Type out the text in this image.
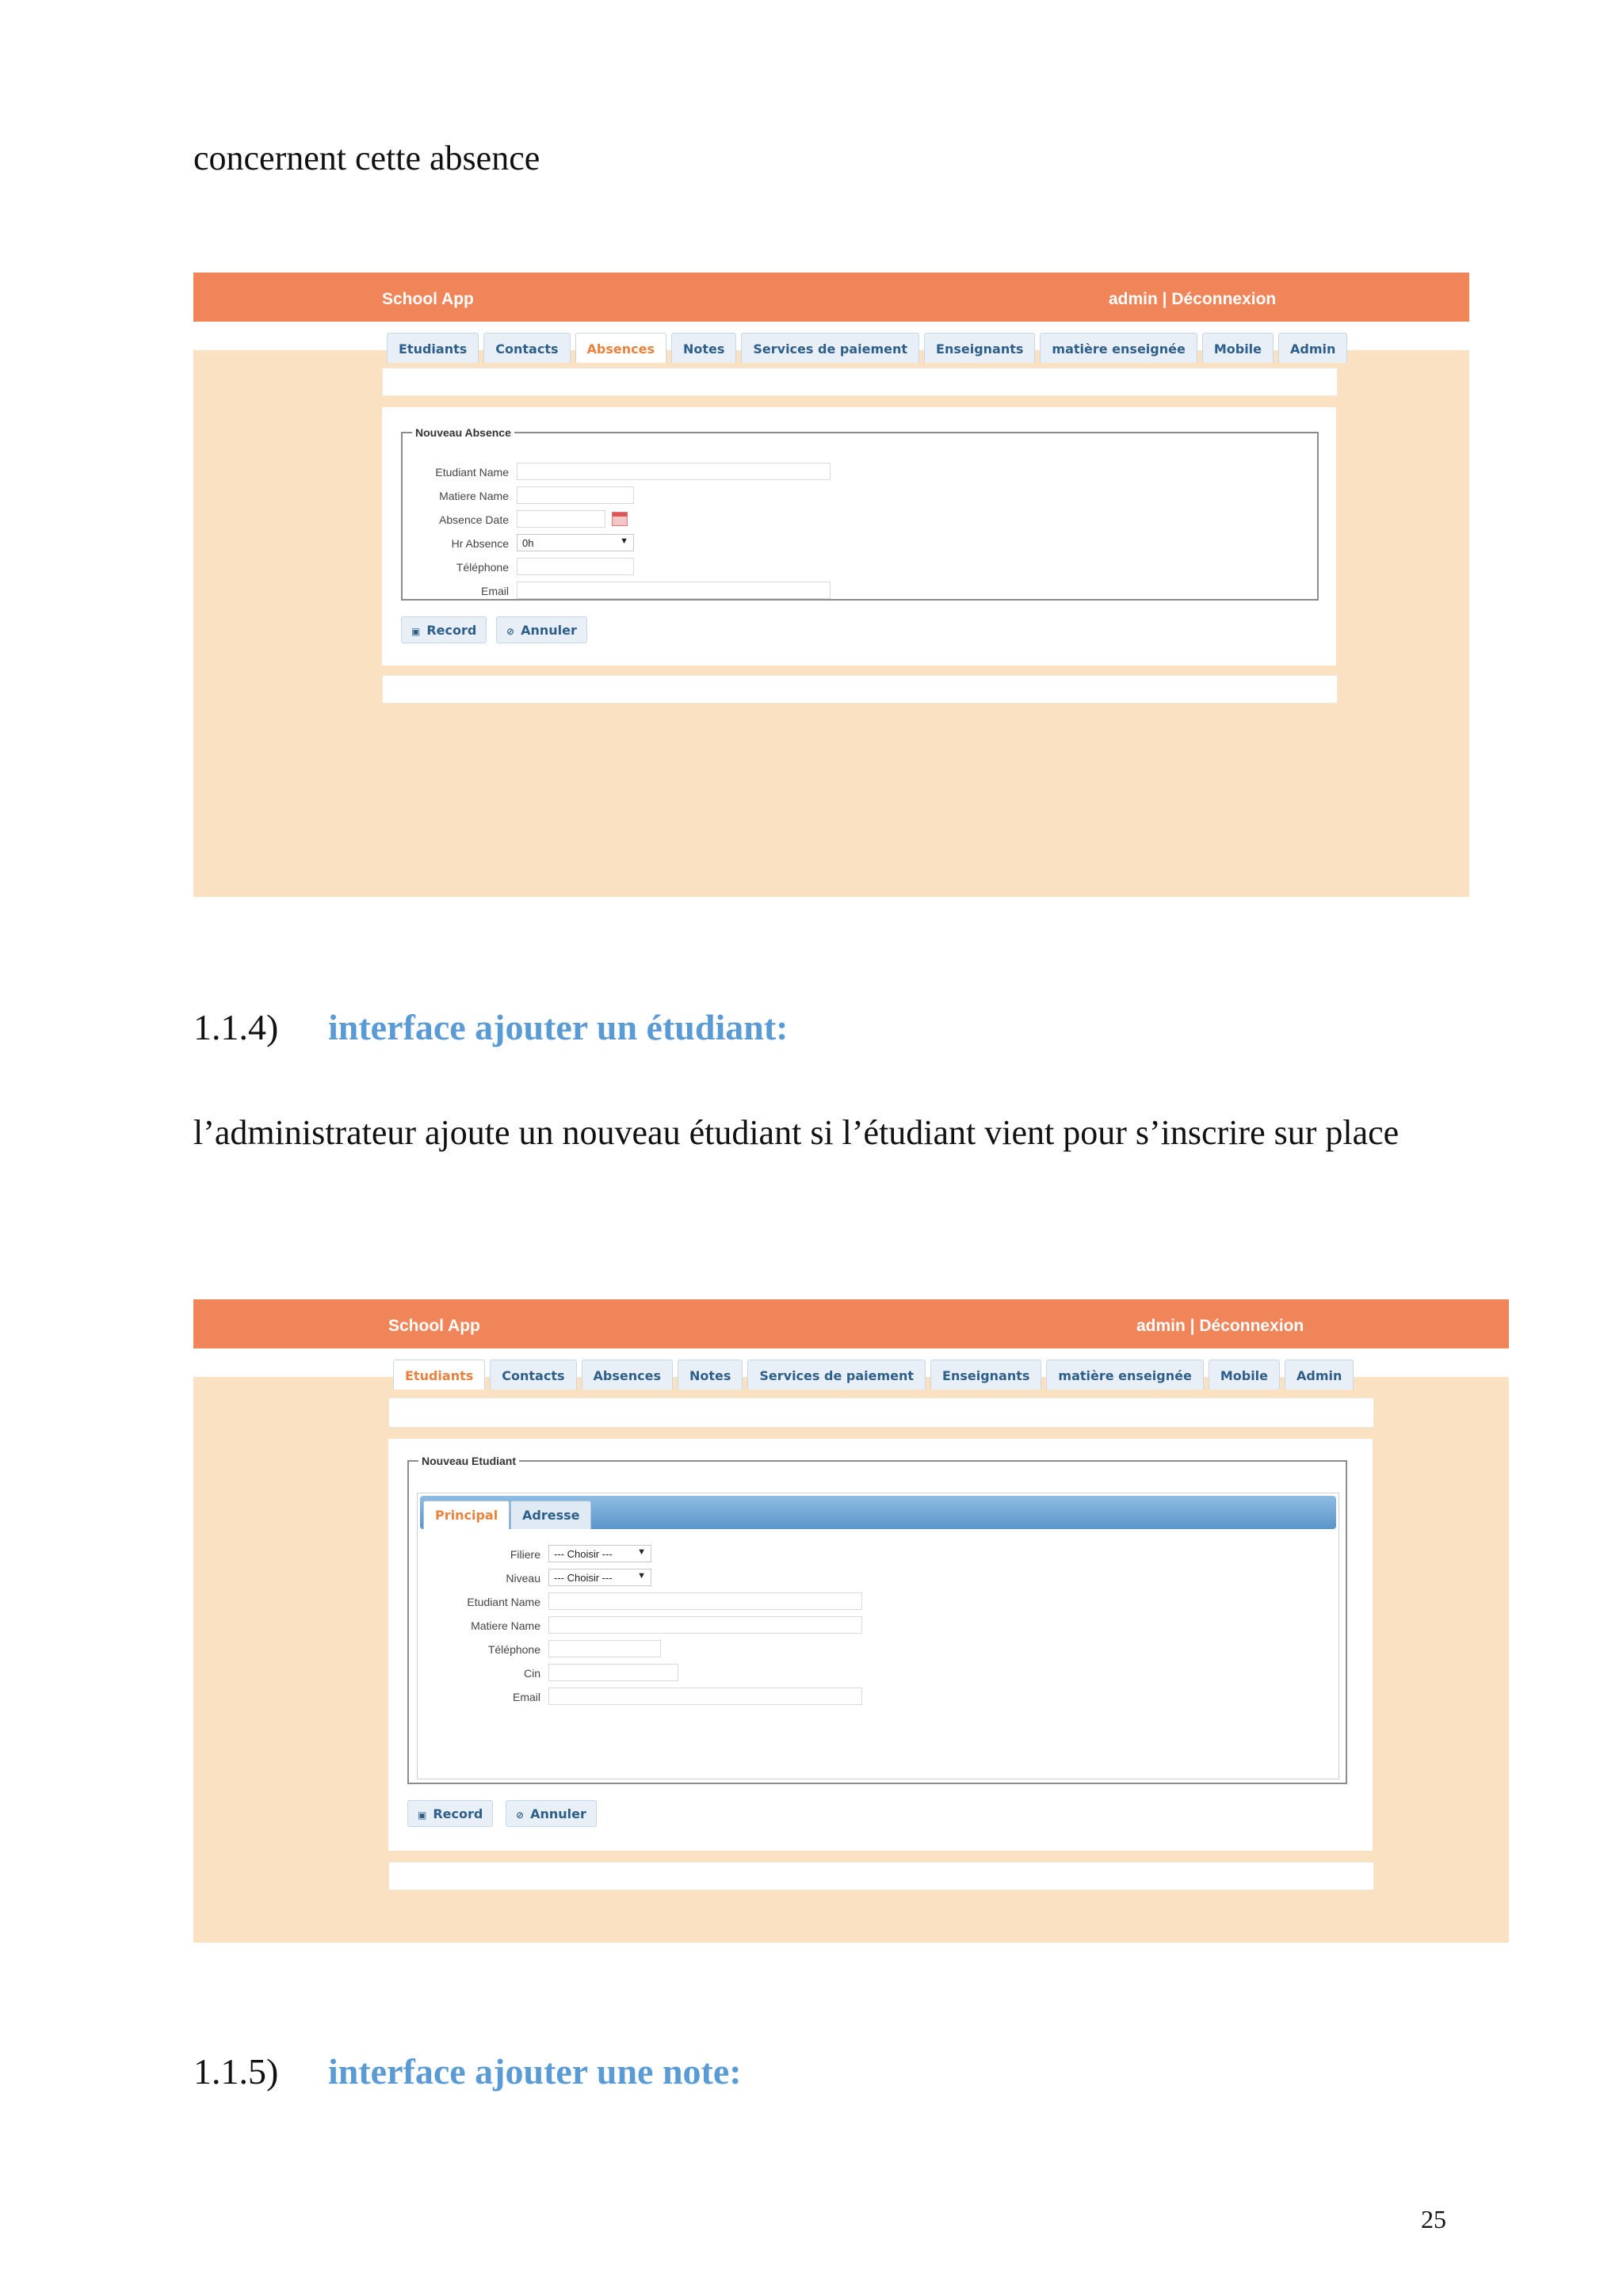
concernent cette absence
School App	admin | Déconnexion
Etudiants	Contacts	Absences	Notes	Services de paiement	Enseignants	matière enseignée	Mobile	Admin
Nouveau Absence
Etudiant Name
Matiere Name
Absence Date
Hr Absence	0h	▼
Téléphone
Email
▣ Record	⊘ Annuler
1.1.4) interface ajouter un étudiant:
l’administrateur ajoute un nouveau étudiant si l’étudiant vient pour s’inscrire sur place
School App	admin | Déconnexion
Etudiants	Contacts	Absences	Notes	Services de paiement	Enseignants	matière enseignée	Mobile	Admin
Nouveau Etudiant
Principal	Adresse
Filiere	--- Choisir ---	▼
Niveau	--- Choisir ---	▼
Etudiant Name
Matiere Name
Téléphone
Cin
Email
▣ Record	⊘ Annuler
1.1.5) interface ajouter une note:
25
